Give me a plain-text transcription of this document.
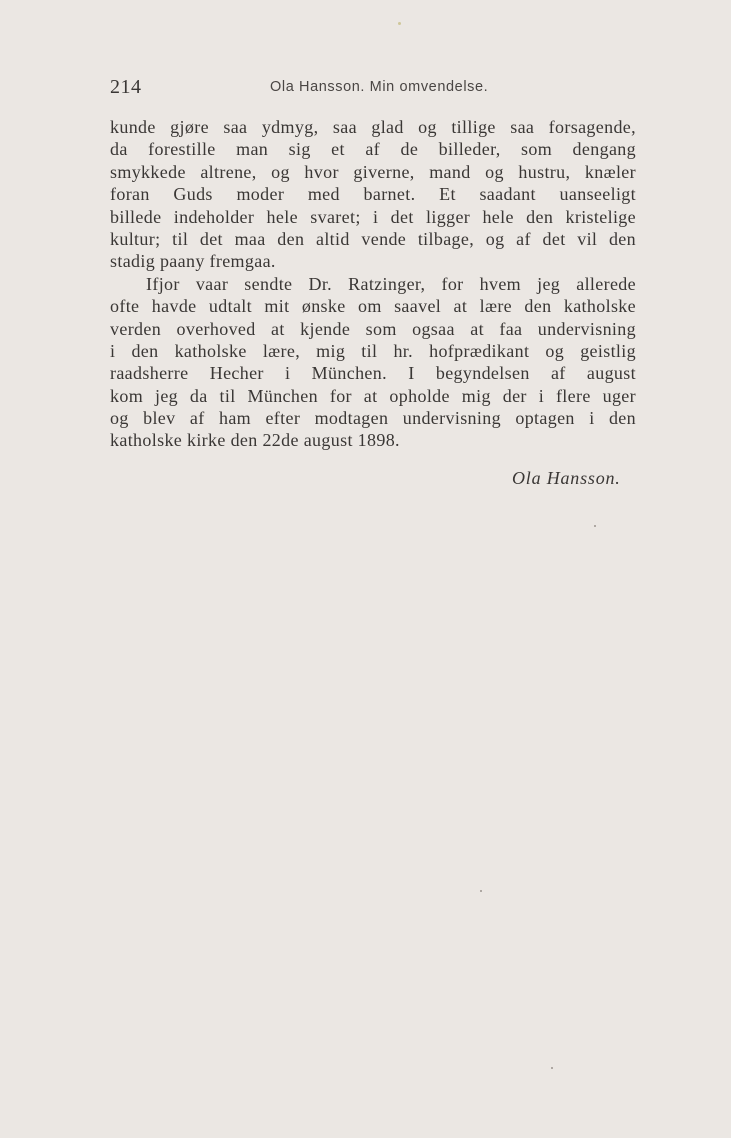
214	Ola Hansson. Min omvendelse.
kunde gjøre saa ydmyg, saa glad og tillige saa forsagende,
da forestille man sig et af de billeder, som dengang
smykkede altrene, og hvor giverne, mand og hustru, knæler
foran Guds moder med barnet. Et saadant uanseeligt
billede indeholder hele svaret; i det ligger hele den kristelige
kultur; til det maa den altid vende tilbage, og af det vil den
stadig paany fremgaa.
Ifjor vaar sendte Dr. Ratzinger, for hvem jeg allerede
ofte havde udtalt mit ønske om saavel at lære den katholske
verden overhoved at kjende som ogsaa at faa undervisning
i den katholske lære, mig til hr. hofprædikant og geistlig
raadsherre Hecher i München. I begyndelsen af august
kom jeg da til München for at opholde mig der i flere uger
og blev af ham efter modtagen undervisning optagen i den
katholske kirke den 22de august 1898.
Ola Hansson.
